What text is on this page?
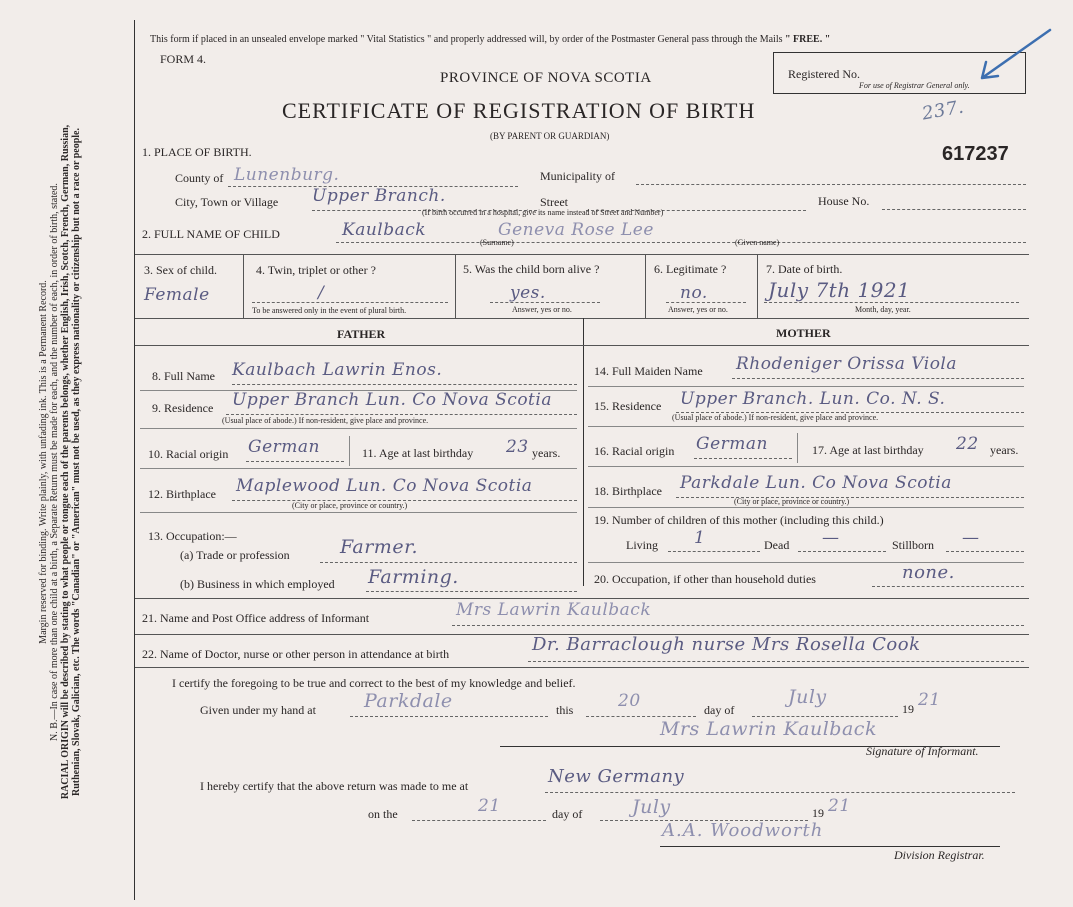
Margin reserved for binding. Write plainly, with unfading ink. This is a Permanent Record. N. B.—In case of more than one child at a birth, a Separate Return must be made for each, and the number of each, in order of birth, stated. RACIAL ORIGIN will be described by stating to what people or tongue each of the parents belongs, whether English, Irish, Scotch, French, German, Russian, Ruthenian, Slovak, Galician, etc. The words "Canadian" or "American" must not be used, as they express nationality or citizenship but not a race or people.
This form if placed in an unsealed envelope marked " Vital Statistics " and properly addressed will, by order of the Postmaster General pass through the Mails " FREE. "
FORM 4.
PROVINCE OF NOVA SCOTIA
CERTIFICATE OF REGISTRATION OF BIRTH
(BY PARENT OR GUARDIAN)
Registered No.
For use of Registrar General only.
237.
617237
1. PLACE OF BIRTH.
County of Lunenburg.	Municipality of
City, Town or Village Upper Branch.	Street	House No.
(If birth occurred in a hospital, give its name instead of Street and Number)
2. FULL NAME OF CHILD	Kaulback	Geneva Rose Lee
(Surname)	(Given name)
3. Sex of child.
Female
4. Twin, triplet or other ?
/
To be answered only in the event of plural birth.
5. Was the child born alive ?
yes.
Answer, yes or no.
6. Legitimate ?
no.
Answer, yes or no.
7. Date of birth.
July 7th 1921
Month, day, year.
FATHER	MOTHER
8. Full Name Kaulbach Lawrin Enos.
9. Residence Upper Branch Lun. Co Nova Scotia
(Usual place of abode.) If non-resident, give place and province.
10. Racial origin German	11. Age at last birthday 23 years.
12. Birthplace Maplewood Lun. Co Nova Scotia
(City or place, province or country.)
13. Occupation:—
(a) Trade or profession	Farmer.
(b) Business in which employed Farming.
14. Full Maiden Name Rhodeniger Orissa Viola
15. Residence Upper Branch. Lun. Co. N. S.
(Usual place of abode.) If non-resident, give place and province.
16. Racial origin German	17. Age at last birthday 22 years.
18. Birthplace Parkdale Lun. Co Nova Scotia
(City or place, province or country.)
19. Number of children of this mother (including this child.)
Living 1	Dead —	Stillborn —
20. Occupation, if other than household duties	none.
21. Name and Post Office address of Informant	Mrs Lawrin Kaulback
22. Name of Doctor, nurse or other person in attendance at birth	Dr. Barraclough nurse Mrs Rosella Cook
I certify the foregoing to be true and correct to the best of my knowledge and belief.
Given under my hand at	Parkdale	this	20	day of
July
19 21
Mrs Lawrin Kaulback
Signature of Informant.
I hereby certify that the above return was made to me at	New Germany
on the	21	day of	July	19 21
A.A. Woodworth
Division Registrar.
